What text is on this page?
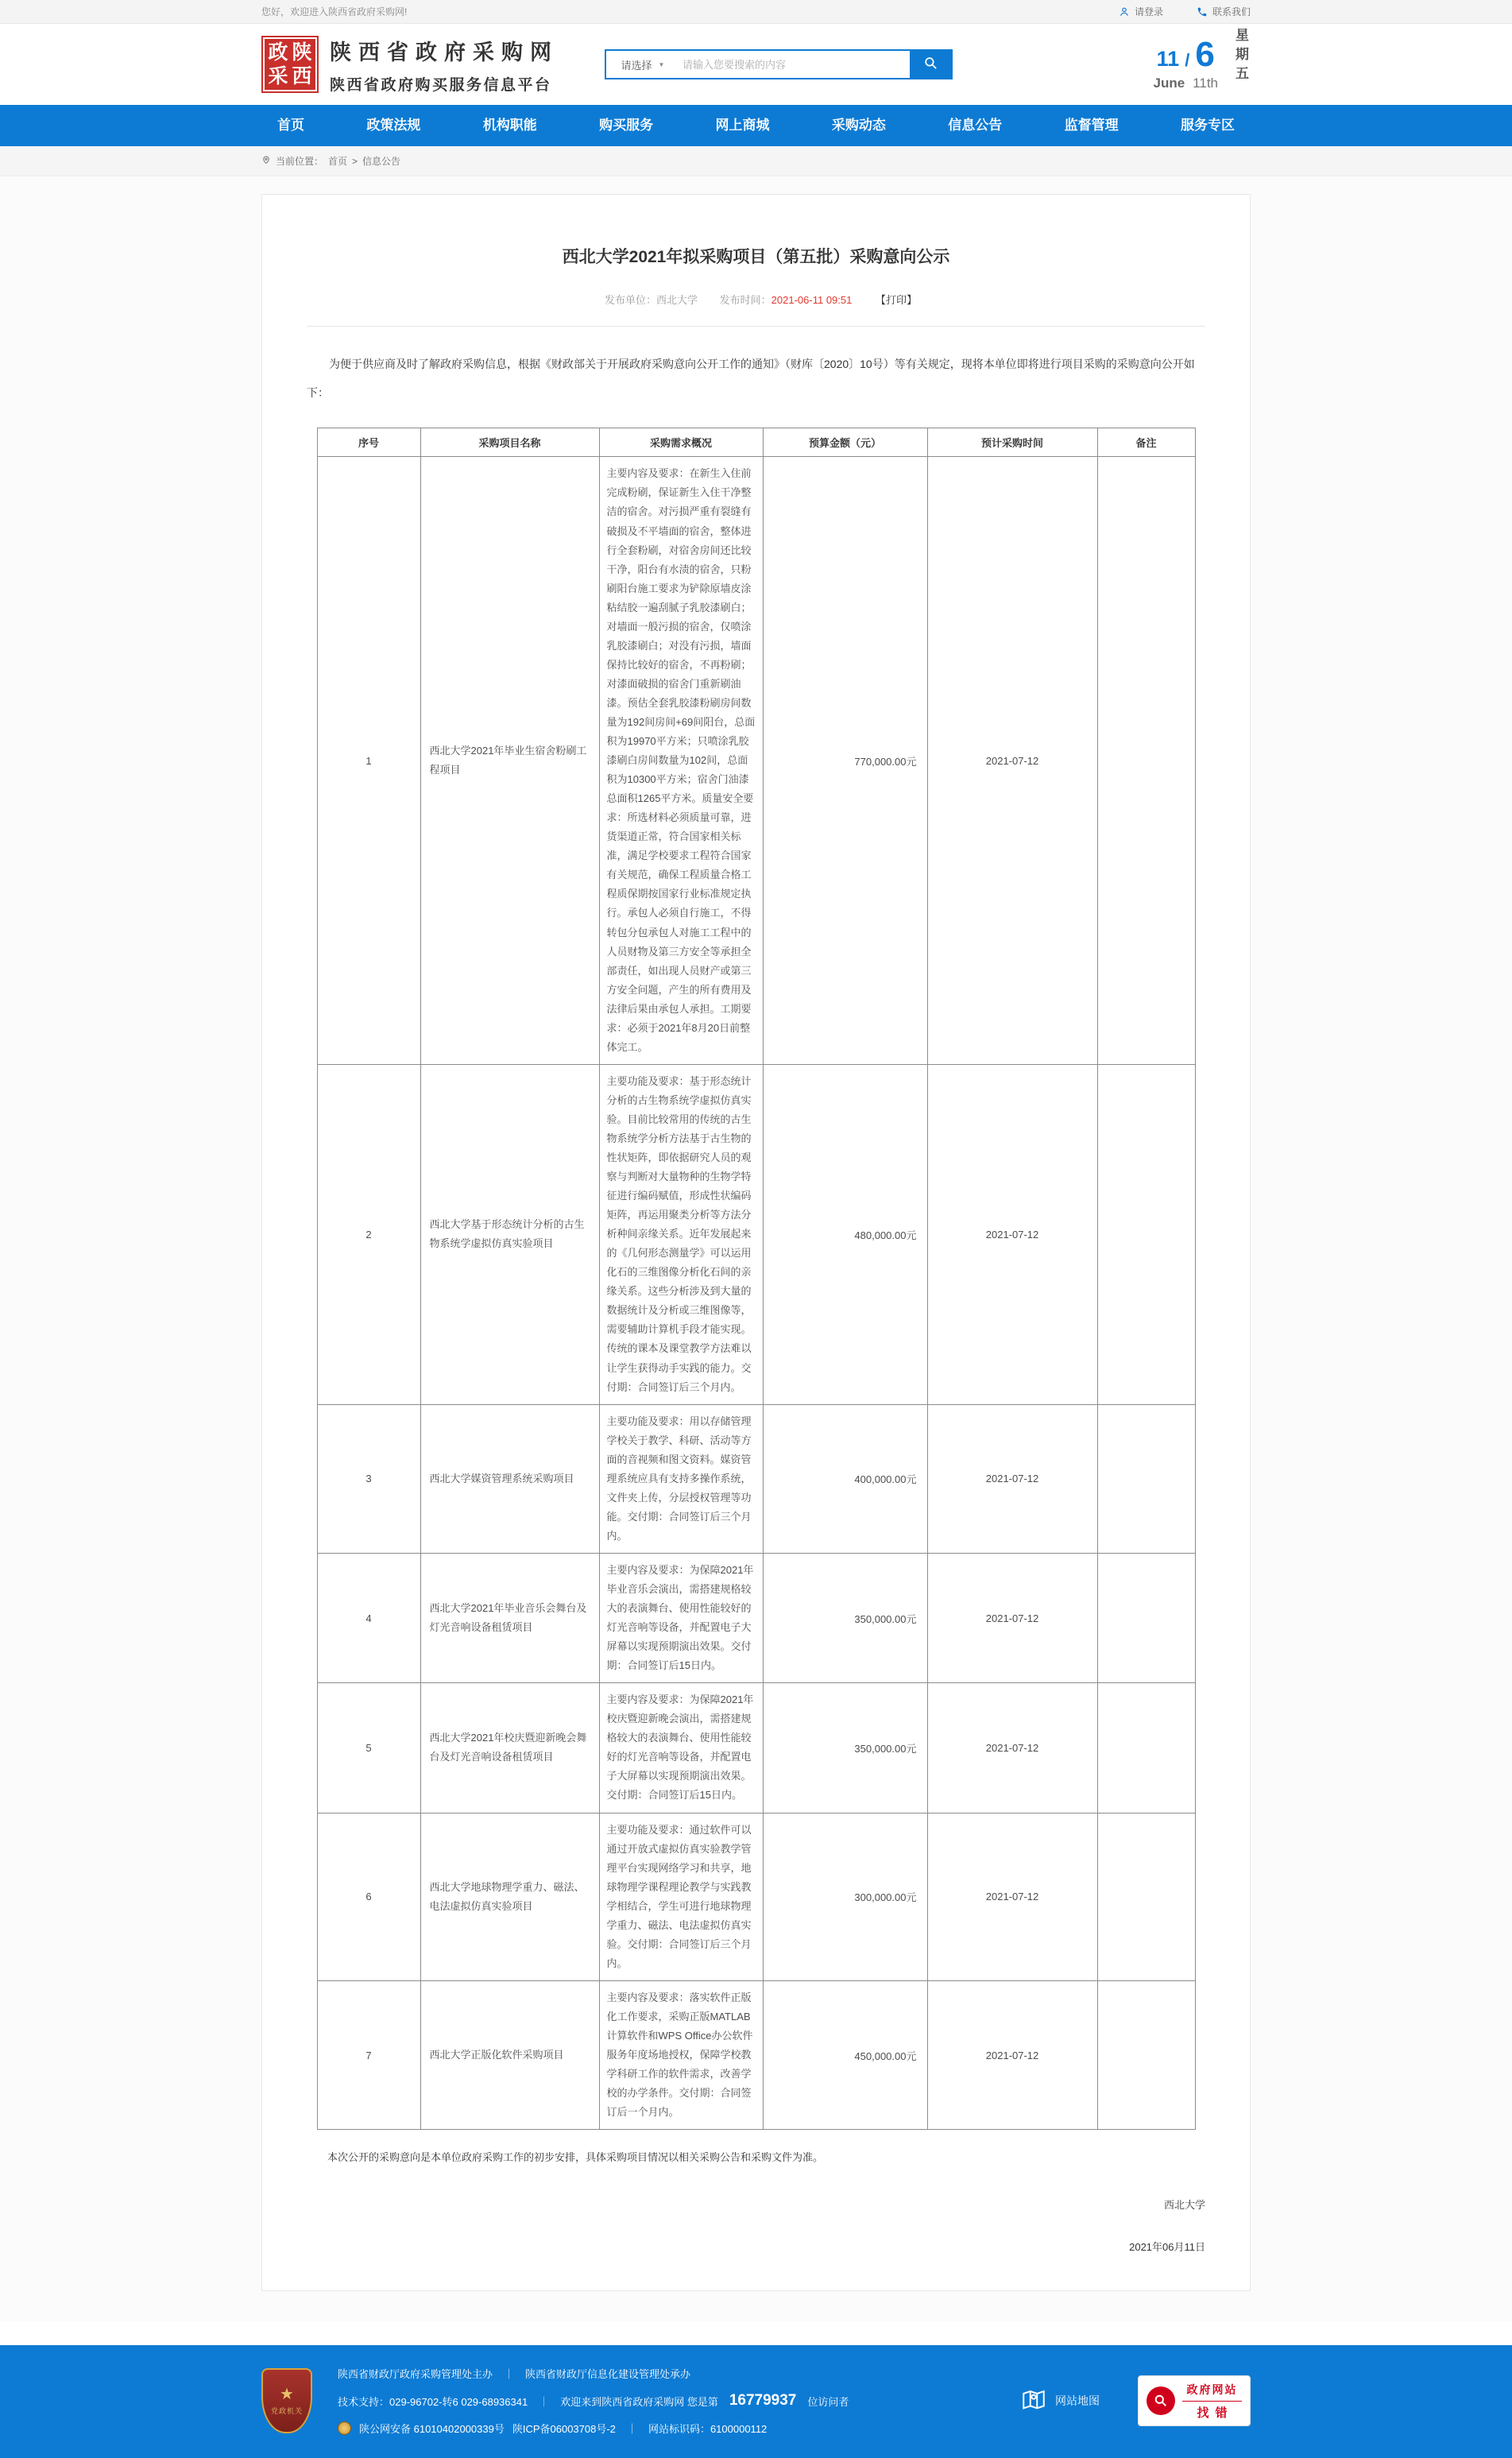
您好，欢迎进入陕西省政府采购网!	请登录	联系我们
政 陕
采 西
陕西省政府采购网
陕西省政府购买服务信息平台
请选择 ▼
请输入您要搜索的内容	11 / 6
June 11th 星期五
首页	政策法规	机构职能	购买服务	网上商城	采购动态	信息公告	监督管理	服务专区
当前位置： 首页 > 信息公告
西北大学2021年拟采购项目（第五批）采购意向公示
发布单位：西北大学 发布时间：2021-06-11 09:51 【打印】

为便于供应商及时了解政府采购信息，根据《财政部关于开展政府采购意向公开工作的通知》（财库〔2020〕10号）等有关规定，现将本单位即将进行项目采购的采购意向公开如下：

序号	采购项目名称	采购需求概况	预算金额（元）	预计采购时间	备注
1	西北大学2021年毕业生宿舍粉刷工程项目	主要内容及要求：在新生入住前完成粉刷，保证新生入住干净整洁的宿舍。对污损严重有裂缝有破损及不平墙面的宿舍，整体进行全套粉刷，对宿舍房间还比较干净，阳台有水渍的宿舍，只粉刷阳台施工要求为铲除原墙皮涂粘结胶一遍刮腻子乳胶漆刷白；对墙面一般污损的宿舍，仅喷涂乳胶漆刷白；对没有污损，墙面保持比较好的宿舍，不再粉刷；对漆面破损的宿舍门重新刷油漆。预估全套乳胶漆粉刷房间数量为192间房间+69间阳台，总面积为19970平方米；只喷涂乳胶漆刷白房间数量为102间，总面积为10300平方米；宿舍门油漆总面积1265平方米。质量安全要求：所选材料必须质量可靠，进货渠道正常，符合国家相关标准，满足学校要求工程符合国家有关规范，确保工程质量合格工程质保期按国家行业标准规定执行。承包人必须自行施工，不得转包分包承包人对施工工程中的人员财物及第三方安全等承担全部责任，如出现人员财产或第三方安全问题，产生的所有费用及法律后果由承包人承担。工期要求：必须于2021年8月20日前整体完工。	770,000.00元	2021-07-12	
2	西北大学基于形态统计分析的古生物系统学虚拟仿真实验项目	主要功能及要求：基于形态统计分析的古生物系统学虚拟仿真实验。目前比较常用的传统的古生物系统学分析方法基于古生物的性状矩阵，即依据研究人员的观察与判断对大量物种的生物学特征进行编码赋值，形成性状编码矩阵，再运用聚类分析等方法分析种间亲缘关系。近年发展起来的《几何形态测量学》可以运用化石的三维图像分析化石间的亲缘关系。这些分析涉及到大量的数据统计及分析或三维图像等，需要辅助计算机手段才能实现。传统的课本及课堂教学方法难以让学生获得动手实践的能力。交付期：合同签订后三个月内。	480,000.00元	2021-07-12	
3	西北大学媒资管理系统采购项目	主要功能及要求：用以存储管理学校关于教学、科研、活动等方面的音视频和图文资料。媒资管理系统应具有支持多操作系统，文件夹上传，分层授权管理等功能。交付期：合同签订后三个月内。	400,000.00元	2021-07-12	
4	西北大学2021年毕业音乐会舞台及灯光音响设备租赁项目	主要内容及要求：为保障2021年毕业音乐会演出，需搭建规格较大的表演舞台、使用性能较好的灯光音响等设备，并配置电子大屏幕以实现预期演出效果。交付期：合同签订后15日内。	350,000.00元	2021-07-12	
5	西北大学2021年校庆暨迎新晚会舞台及灯光音响设备租赁项目	主要内容及要求：为保障2021年校庆暨迎新晚会演出，需搭建规格较大的表演舞台、使用性能较好的灯光音响等设备，并配置电子大屏幕以实现预期演出效果。交付期：合同签订后15日内。	350,000.00元	2021-07-12	
6	西北大学地球物理学重力、磁法、电法虚拟仿真实验项目	主要功能及要求：通过软件可以通过开放式虚拟仿真实验教学管理平台实现网络学习和共享，地球物理学课程理论教学与实践教学相结合，学生可进行地球物理学重力、磁法、电法虚拟仿真实验。交付期：合同签订后三个月内。	300,000.00元	2021-07-12	
7	西北大学正版化软件采购项目	主要内容及要求：落实软件正版化工作要求，采购正版MATLAB计算软件和WPS Office办公软件服务年度场地授权，保障学校教学科研工作的软件需求，改善学校的办学条件。交付期：合同签订后一个月内。	450,000.00元	2021-07-12	

本次公开的采购意向是本单位政府采购工作的初步安排，具体采购项目情况以相关采购公告和采购文件为准。

西北大学
2021年06月11日
★
党政机关
陕西省财政厅政府采购管理处主办 ｜ 陕西省财政厅信息化建设管理处承办
技术支持：029-96702-转6 029-68936341 ｜ 欢迎来到陕西省政府采购网 您是第 16779937 位访问者
陕公网安备 61010402000339号 陕ICP备06003708号-2 ｜ 网站标识码：6100000112
网站地图
政府网站
找错
